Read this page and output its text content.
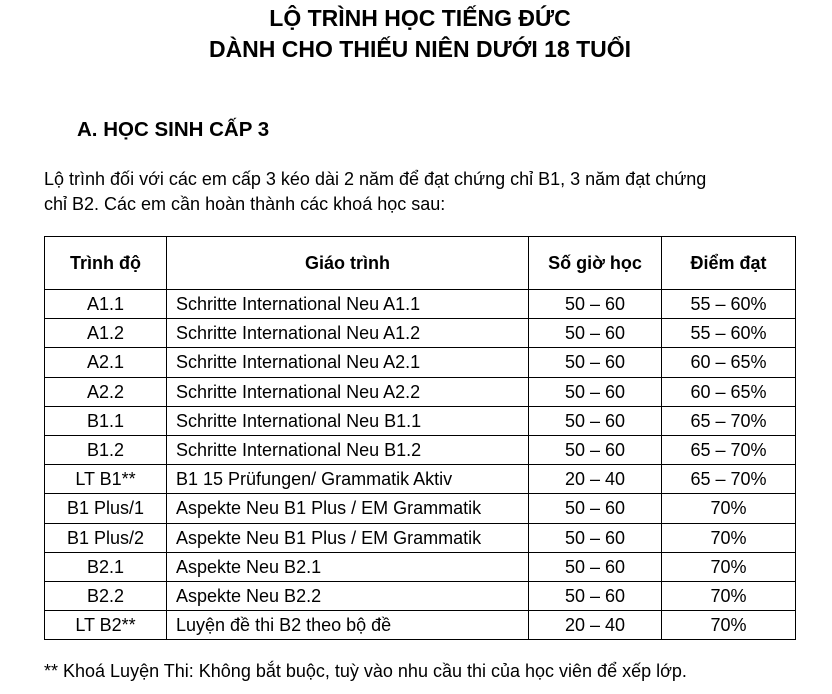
LỘ TRÌNH HỌC TIẾNG ĐỨC
DÀNH CHO THIẾU NIÊN DƯỚI 18 TUỔI
A. HỌC SINH CẤP 3

Lộ trình đối với các em cấp 3 kéo dài 2 năm để đạt chứng chỉ B1, 3 năm đạt chứng
chỉ B2. Các em cần hoàn thành các khoá học sau:

Trình độ	Giáo trình	Số giờ học	Điểm đạt
A1.1	Schritte International Neu A1.1	50 – 60	55 – 60%
A1.2	Schritte International Neu A1.2	50 – 60	55 – 60%
A2.1	Schritte International Neu A2.1	50 – 60	60 – 65%
A2.2	Schritte International Neu A2.2	50 – 60	60 – 65%
B1.1	Schritte International Neu B1.1	50 – 60	65 – 70%
B1.2	Schritte International Neu B1.2	50 – 60	65 – 70%
LT B1**	B1 15 Prüfungen/ Grammatik Aktiv	20 – 40	65 – 70%
B1 Plus/1	Aspekte Neu B1 Plus / EM Grammatik	50 – 60	70%
B1 Plus/2	Aspekte Neu B1 Plus / EM Grammatik	50 – 60	70%
B2.1	Aspekte Neu B2.1	50 – 60	70%
B2.2	Aspekte Neu B2.2	50 – 60	70%
LT B2**	Luyện đề thi B2 theo bộ đề	20 – 40	70%

** Khoá Luyện Thi: Không bắt buộc, tuỳ vào nhu cầu thi của học viên để xếp lớp.
